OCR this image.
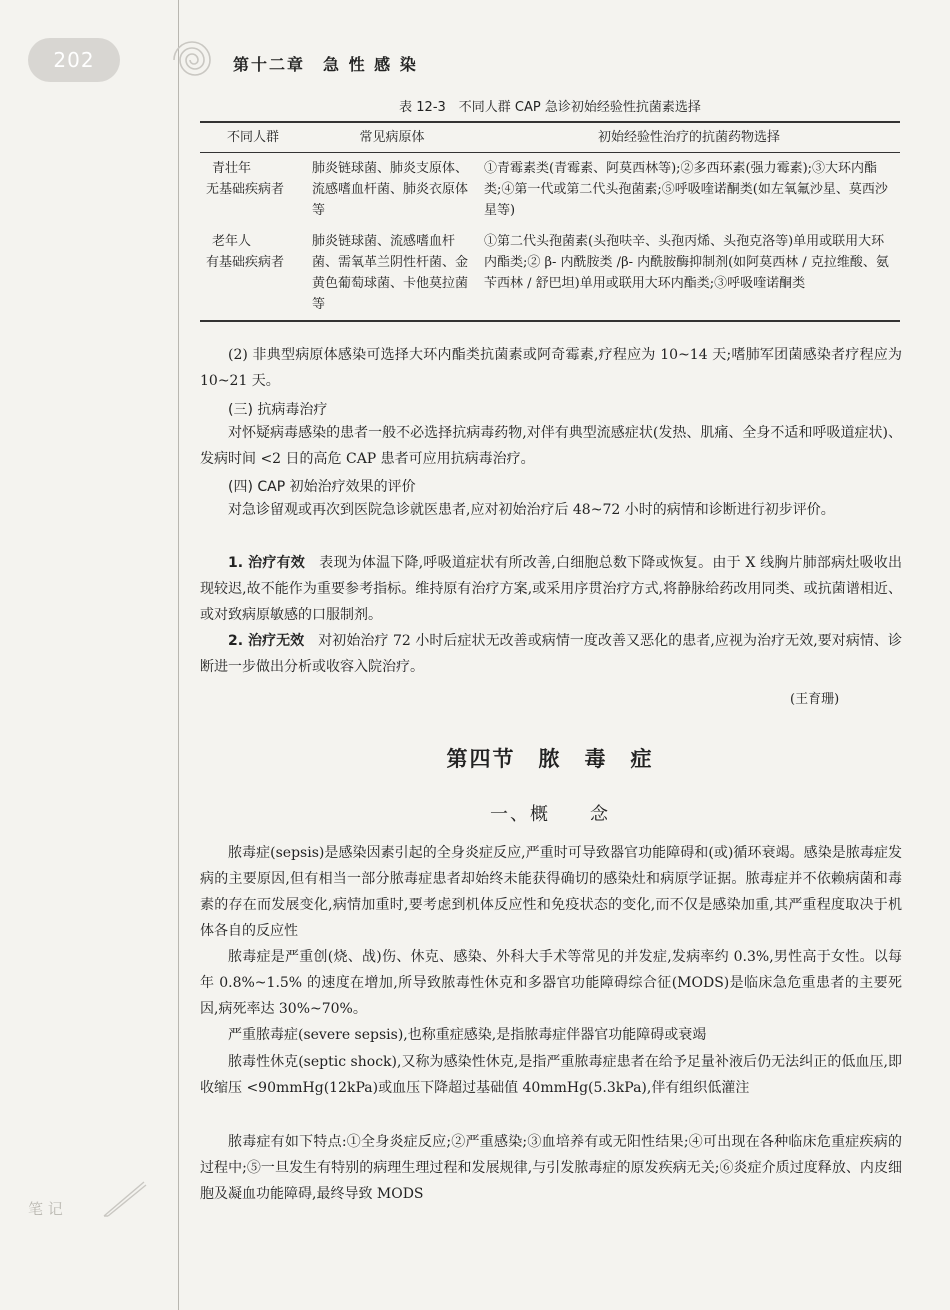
202	第十二章　急 性 感 染
表 12-3　不同人群 CAP 急诊初始经验性抗菌素选择
不同人群	常见病原体	初始经验性治疗的抗菌药物选择

青壮年
无基础疾病者	肺炎链球菌、肺炎支原体、流感嗜血杆菌、肺炎衣原体等	①青霉素类(青霉素、阿莫西林等);②多西环素(强力霉素);③大环内酯类;④第一代或第二代头孢菌素;⑤呼吸喹诺酮类(如左氧氟沙星、莫西沙星等)

老年人
有基础疾病者	肺炎链球菌、流感嗜血杆菌、需氧革兰阴性杆菌、金黄色葡萄球菌、卡他莫拉菌等	①第二代头孢菌素(头孢呋辛、头孢丙烯、头孢克洛等)单用或联用大环内酯类;② β- 内酰胺类 /β- 内酰胺酶抑制剂(如阿莫西林 / 克拉维酸、氨苄西林 / 舒巴坦)单用或联用大环内酯类;③呼吸喹诺酮类
(2) 非典型病原体感染可选择大环内酯类抗菌素或阿奇霉素,疗程应为 10~14 天;嗜肺军团菌感染者疗程应为 10~21 天。
(三) 抗病毒治疗
对怀疑病毒感染的患者一般不必选择抗病毒药物,对伴有典型流感症状(发热、肌痛、全身不适和呼吸道症状)、发病时间 <2 日的高危 CAP 患者可应用抗病毒治疗。
(四) CAP 初始治疗效果的评价
对急诊留观或再次到医院急诊就医患者,应对初始治疗后 48~72 小时的病情和诊断进行初步评价。
1. 治疗有效　 表现为体温下降,呼吸道症状有所改善,白细胞总数下降或恢复。由于 X 线胸片肺部病灶吸收出现较迟,故不能作为重要参考指标。维持原有治疗方案,或采用序贯治疗方式,将静脉给药改用同类、或抗菌谱相近、或对致病原敏感的口服制剂。
2. 治疗无效　 对初始治疗 72 小时后症状无改善或病情一度改善又恶化的患者,应视为治疗无效,要对病情、诊断进一步做出分析或收容入院治疗。
(王育珊)
第四节　脓　毒　症
一、概　　念
脓毒症(sepsis)是感染因素引起的全身炎症反应,严重时可导致器官功能障碍和(或)循环衰竭。感染是脓毒症发病的主要原因,但有相当一部分脓毒症患者却始终未能获得确切的感染灶和病原学证据。脓毒症并不依赖病菌和毒素的存在而发展变化,病情加重时,要考虑到机体反应性和免疫状态的变化,而不仅是感染加重,其严重程度取决于机体各自的反应性
脓毒症是严重创(烧、战)伤、休克、感染、外科大手术等常见的并发症,发病率约 0.3%,男性高于女性。以每年 0.8%~1.5% 的速度在增加,所导致脓毒性休克和多器官功能障碍综合征(MODS)是临床急危重患者的主要死因,病死率达 30%~70%。
严重脓毒症(severe sepsis),也称重症感染,是指脓毒症伴器官功能障碍或衰竭
脓毒性休克(septic shock),又称为感染性休克,是指严重脓毒症患者在给予足量补液后仍无法纠正的低血压,即收缩压 <90mmHg(12kPa)或血压下降超过基础值 40mmHg(5.3kPa),伴有组织低灌注
脓毒症有如下特点:①全身炎症反应;②严重感染;③血培养有或无阳性结果;④可出现在各种临床危重症疾病的过程中;⑤一旦发生有特别的病理生理过程和发展规律,与引发脓毒症的原发疾病无关;⑥炎症介质过度释放、内皮细胞及凝血功能障碍,最终导致 MODS
笔 记
